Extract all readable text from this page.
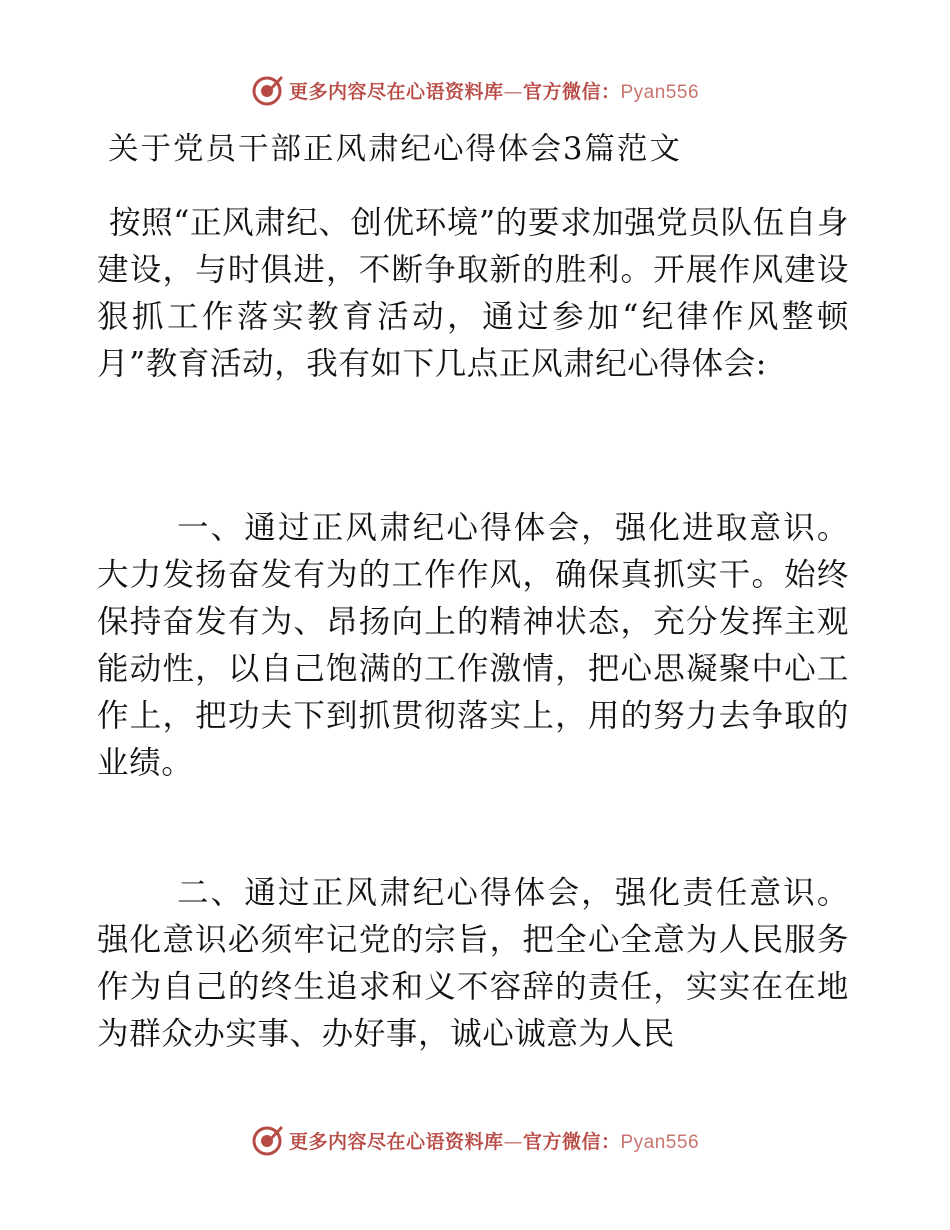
更多内容尽在心语资料库—官方微信：Pyan556
关于党员干部正风肃纪心得体会3篇范文

按照“正风肃纪、创优环境”的要求加强党员队伍自身建设，与时俱进，不断争取新的胜利。开展作风建设狠抓工作落实教育活动，通过参加“纪律作风整顿月”教育活动，我有如下几点正风肃纪心得体会:

一、通过正风肃纪心得体会，强化进取意识。大力发扬奋发有为的工作作风，确保真抓实干。始终保持奋发有为、昂扬向上的精神状态，充分发挥主观能动性，以自己饱满的工作激情，把心思凝聚中心工作上，把功夫下到抓贯彻落实上，用的努力去争取的业绩。

二、通过正风肃纪心得体会，强化责任意识。强化意识必须牢记党的宗旨，把全心全意为人民服务作为自己的终生追求和义不容辞的责任，实实在在地为群众办实事、办好事，诚心诚意为人民

更多内容尽在心语资料库—官方微信：Pyan556
